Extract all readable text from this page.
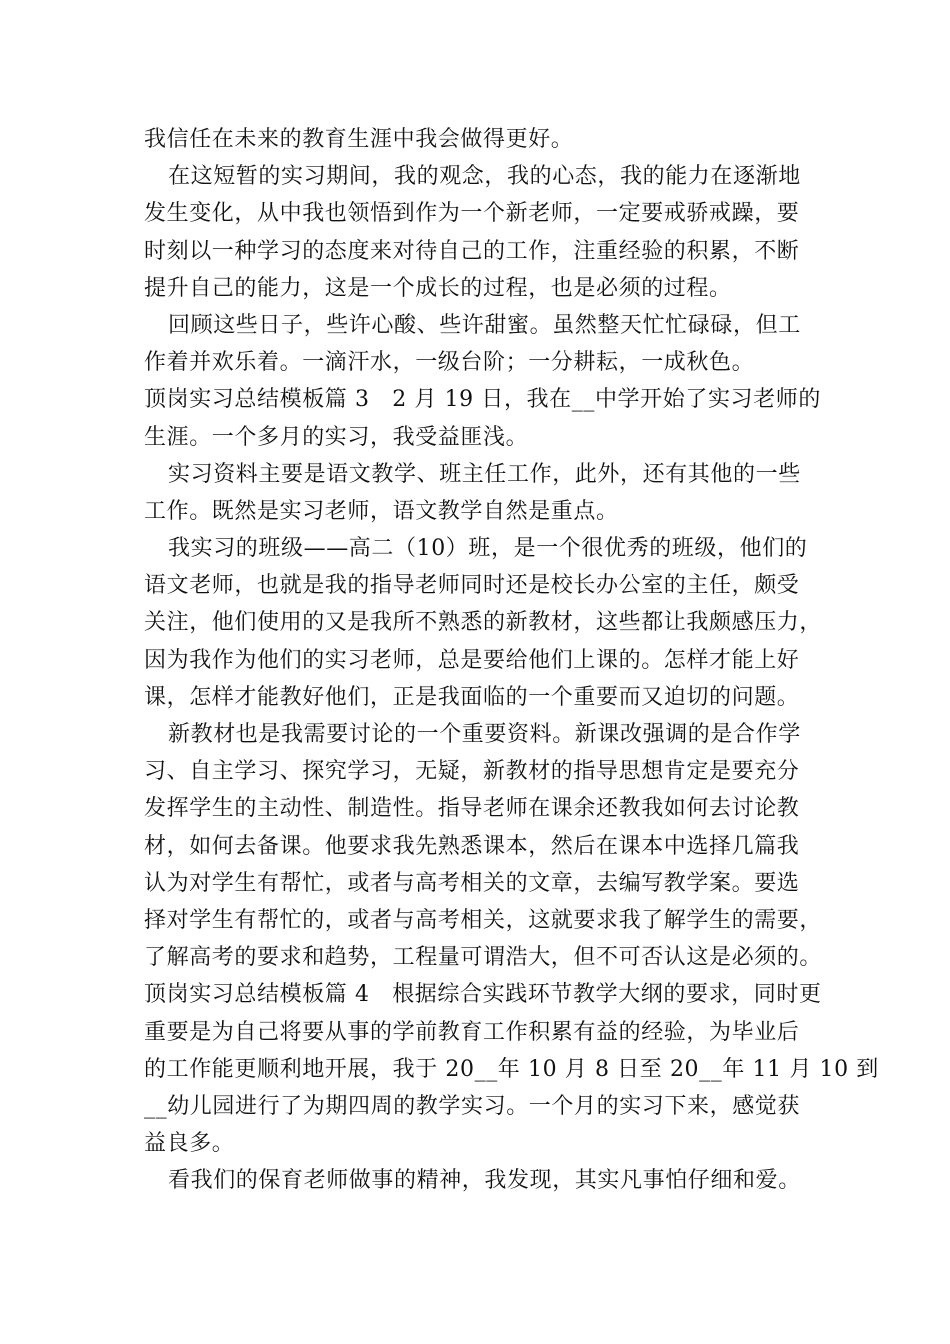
我信任在未来的教育生涯中我会做得更好。
在这短暂的实习期间，我的观念，我的心态，我的能力在逐渐地
发生变化，从中我也领悟到作为一个新老师，一定要戒骄戒躁，要
时刻以一种学习的态度来对待自己的工作，注重经验的积累，不断
提升自己的能力，这是一个成长的过程，也是必须的过程。
回顾这些日子，些许心酸、些许甜蜜。虽然整天忙忙碌碌，但工
作着并欢乐着。一滴汗水，一级台阶；一分耕耘，一成秋色。
顶岗实习总结模板篇 3　2 月 19 日，我在__中学开始了实习老师的
生涯。一个多月的实习，我受益匪浅。
实习资料主要是语文教学、班主任工作，此外，还有其他的一些
工作。既然是实习老师，语文教学自然是重点。
我实习的班级——高二（10）班，是一个很优秀的班级，他们的
语文老师，也就是我的指导老师同时还是校长办公室的主任，颇受
关注，他们使用的又是我所不熟悉的新教材，这些都让我颇感压力，
因为我作为他们的实习老师，总是要给他们上课的。怎样才能上好
课，怎样才能教好他们，正是我面临的一个重要而又迫切的问题。
新教材也是我需要讨论的一个重要资料。新课改强调的是合作学
习、自主学习、探究学习，无疑，新教材的指导思想肯定是要充分
发挥学生的主动性、制造性。指导老师在课余还教我如何去讨论教
材，如何去备课。他要求我先熟悉课本，然后在课本中选择几篇我
认为对学生有帮忙，或者与高考相关的文章，去编写教学案。要选
择对学生有帮忙的，或者与高考相关，这就要求我了解学生的需要，
了解高考的要求和趋势，工程量可谓浩大，但不可否认这是必须的。
顶岗实习总结模板篇 4　根据综合实践环节教学大纲的要求，同时更
重要是为自己将要从事的学前教育工作积累有益的经验，为毕业后
的工作能更顺利地开展，我于 20__年 10 月 8 日至 20__年 11 月 10 到
__幼儿园进行了为期四周的教学实习。一个月的实习下来，感觉获
益良多。
看我们的保育老师做事的精神，我发现，其实凡事怕仔细和爱。
